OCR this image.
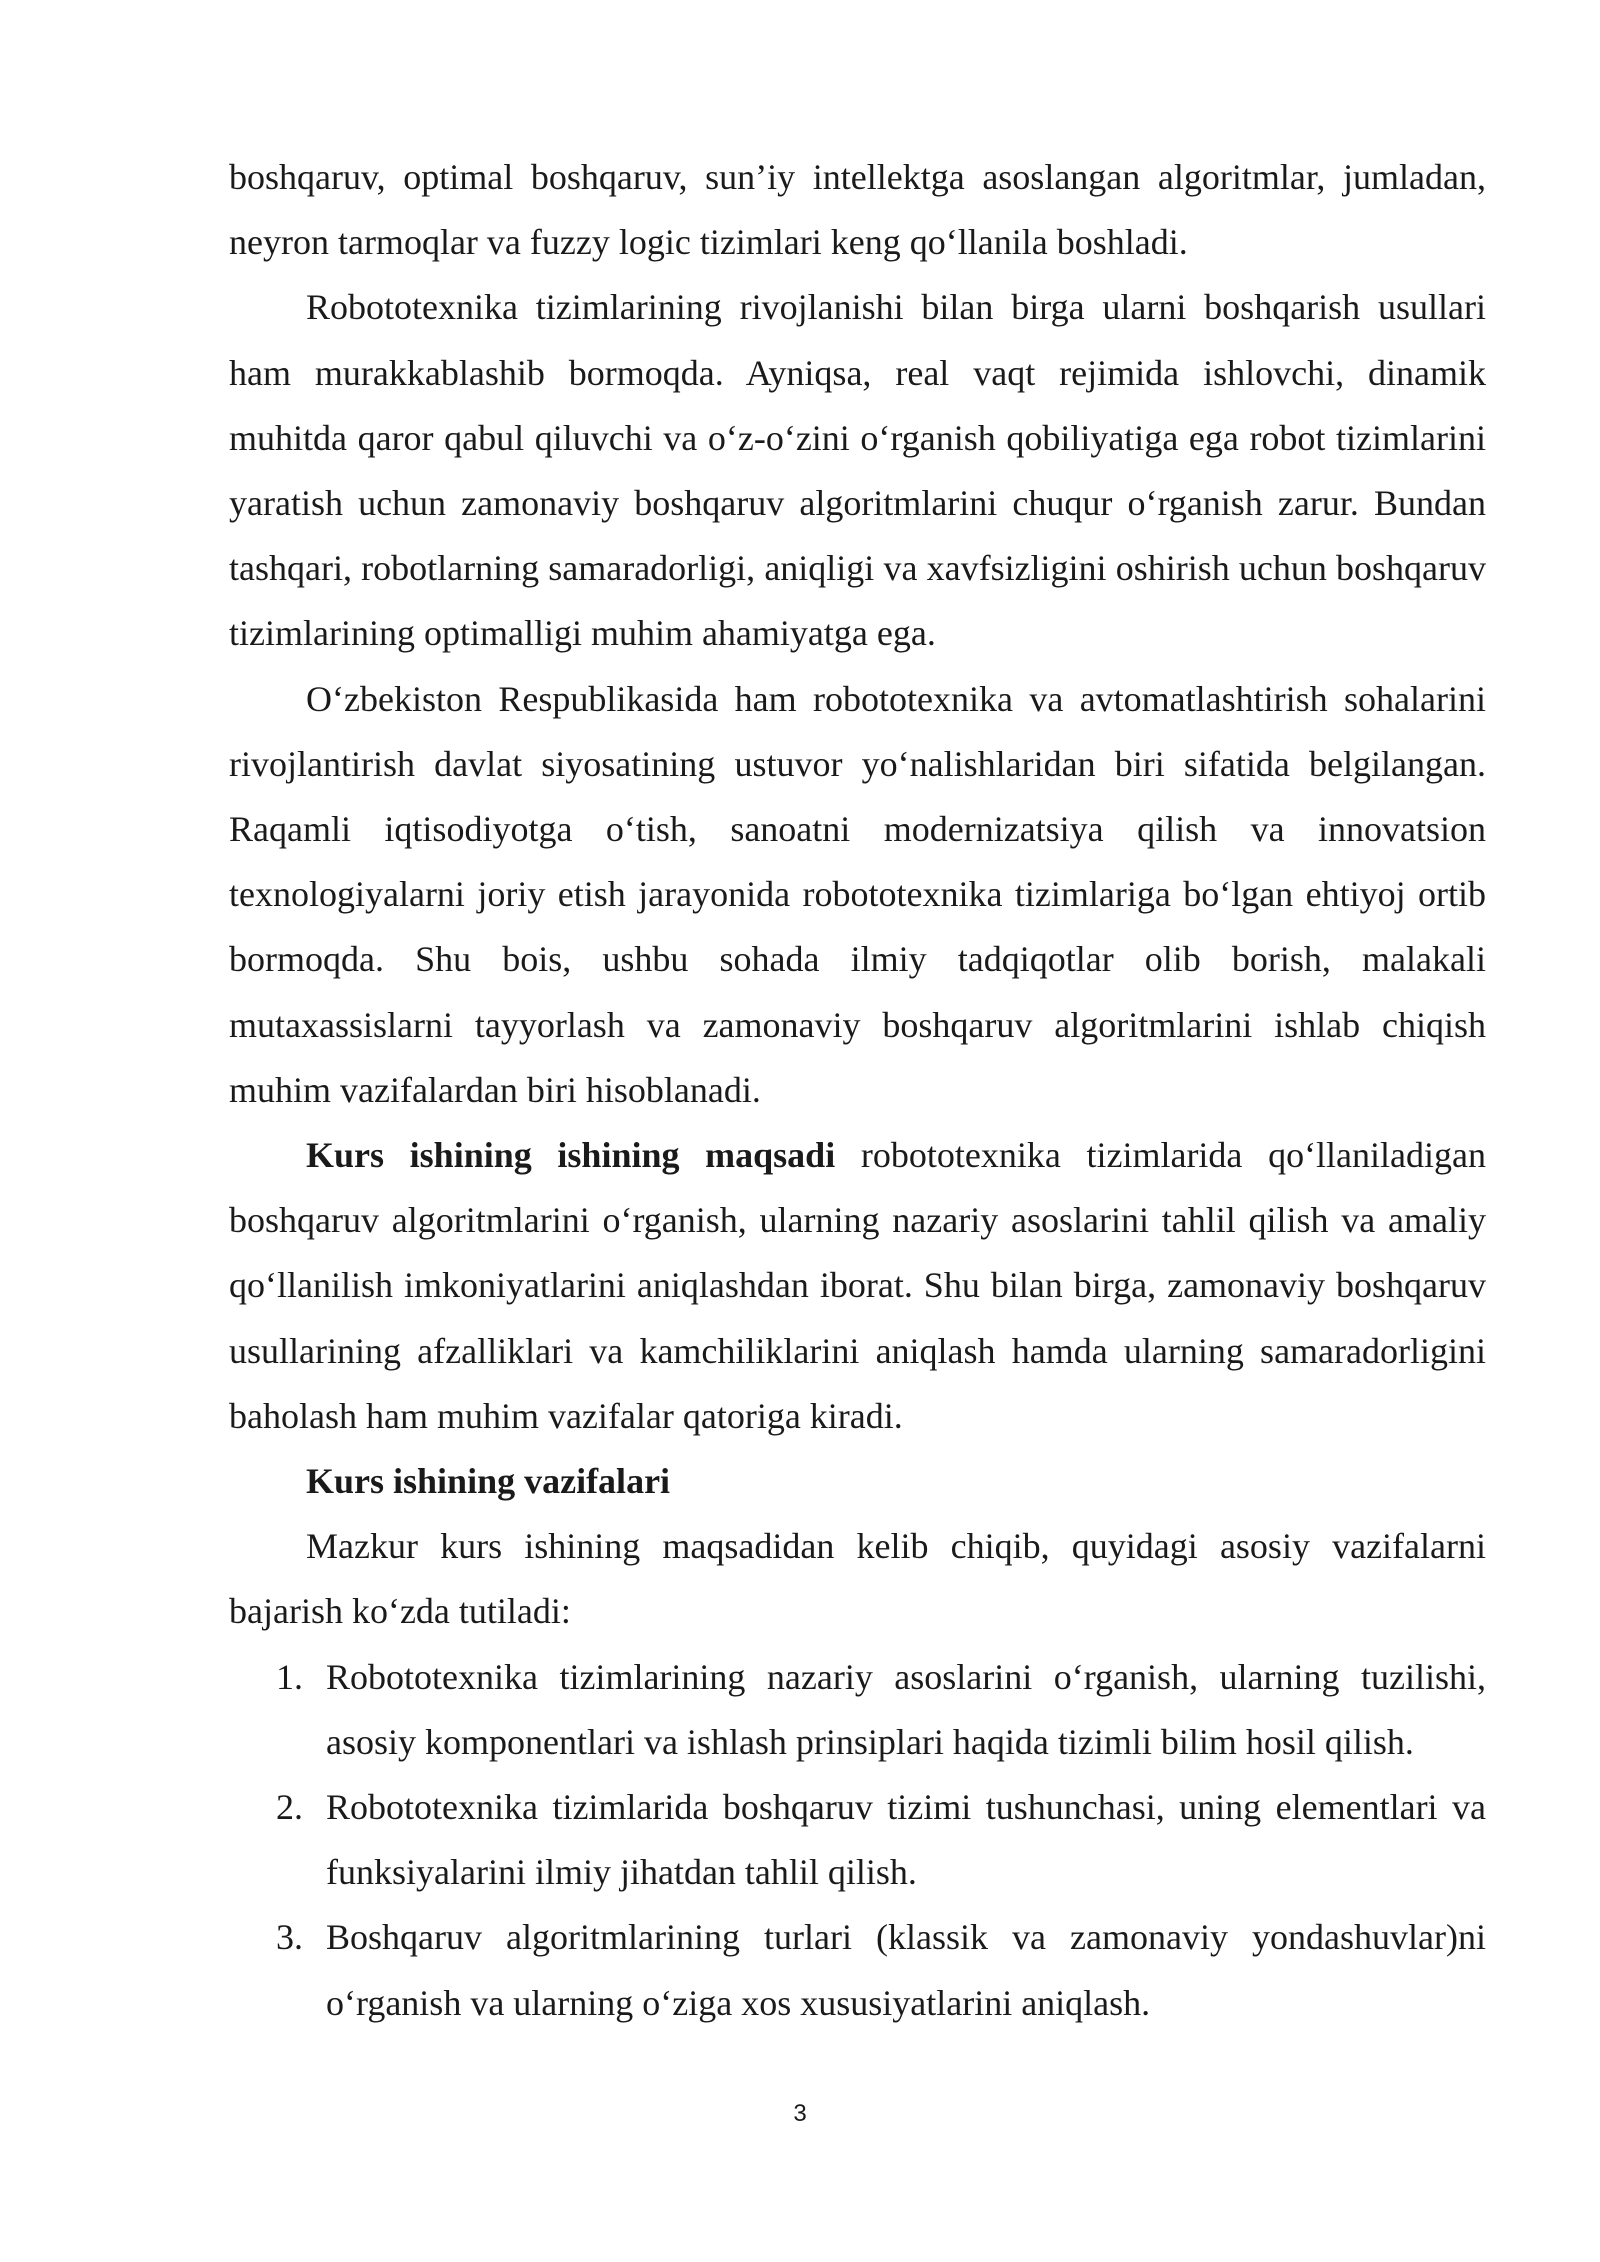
boshqaruv, optimal boshqaruv, sun’iy intellektga asoslangan algoritmlar, jumladan, neyron tarmoqlar va fuzzy logic tizimlari keng qo‘llanila boshladi.

Robototexnika tizimlarining rivojlanishi bilan birga ularni boshqarish usullari ham murakkablashib bormoqda. Ayniqsa, real vaqt rejimida ishlovchi, dinamik muhitda qaror qabul qiluvchi va o‘z-o‘zini o‘rganish qobiliyatiga ega robot tizimlarini yaratish uchun zamonaviy boshqaruv algoritmlarini chuqur o‘rganish zarur. Bundan tashqari, robotlarning samaradorligi, aniqligi va xavfsizligini oshirish uchun boshqaruv tizimlarining optimalligi muhim ahamiyatga ega.

O‘zbekiston Respublikasida ham robototexnika va avtomatlashtirish sohalarini rivojlantirish davlat siyosatining ustuvor yo‘nalishlaridan biri sifatida belgilangan. Raqamli iqtisodiyotga o‘tish, sanoatni modernizatsiya qilish va innovatsion texnologiyalarni joriy etish jarayonida robototexnika tizimlariga bo‘lgan ehtiyoj ortib bormoqda. Shu bois, ushbu sohada ilmiy tadqiqotlar olib borish, malakali mutaxassislarni tayyorlash va zamonaviy boshqaruv algoritmlarini ishlab chiqish muhim vazifalardan biri hisoblanadi.

Kurs ishining ishining maqsadi robototexnika tizimlarida qo‘llaniladigan boshqaruv algoritmlarini o‘rganish, ularning nazariy asoslarini tahlil qilish va amaliy qo‘llanilish imkoniyatlarini aniqlashdan iborat. Shu bilan birga, zamonaviy boshqaruv usullarining afzalliklari va kamchiliklarini aniqlash hamda ularning samaradorligini baholash ham muhim vazifalar qatoriga kiradi.

Kurs ishining vazifalari

Mazkur kurs ishining maqsadidan kelib chiqib, quyidagi asosiy vazifalarni bajarish ko‘zda tutiladi:

1. Robototexnika tizimlarining nazariy asoslarini o‘rganish, ularning tuzilishi, asosiy komponentlari va ishlash prinsiplari haqida tizimli bilim hosil qilish.
2. Robototexnika tizimlarida boshqaruv tizimi tushunchasi, uning elementlari va funksiyalarini ilmiy jihatdan tahlil qilish.
3. Boshqaruv algoritmlarining turlari (klassik va zamonaviy yondashuvlar)ni o‘rganish va ularning o‘ziga xos xususiyatlarini aniqlash.
3
